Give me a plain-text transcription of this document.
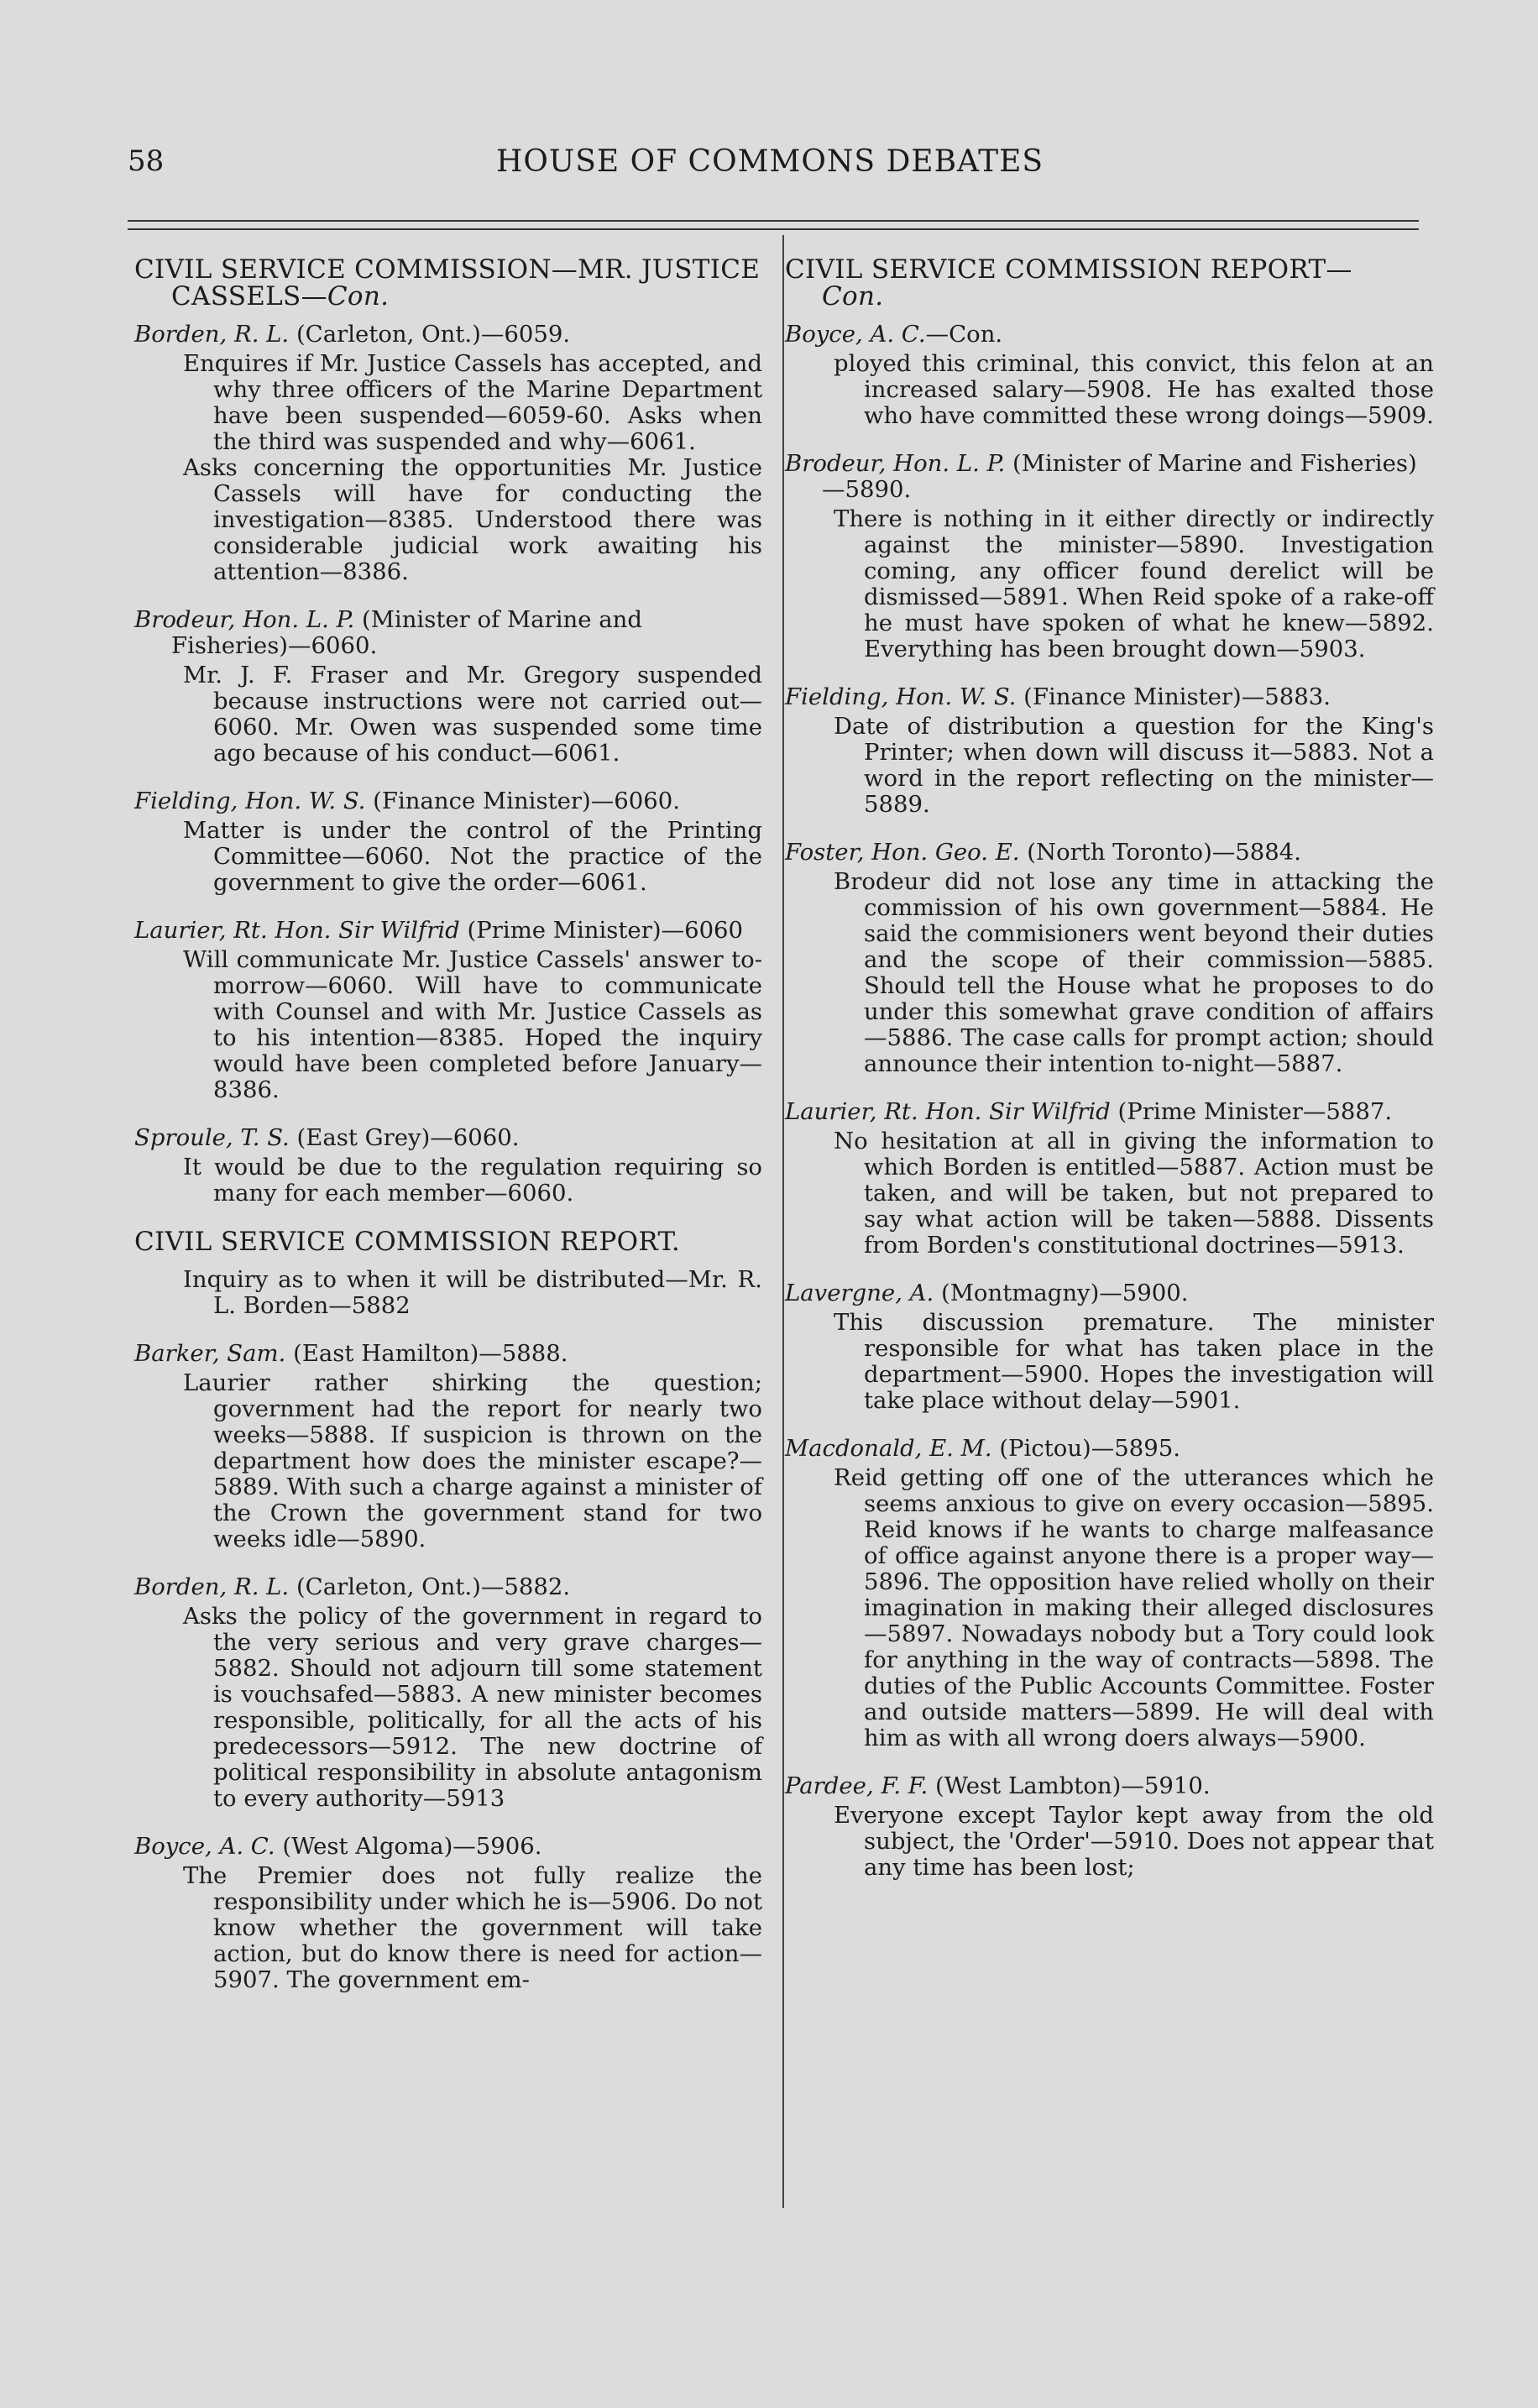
58	HOUSE OF COMMONS DEBATES
CIVIL SERVICE COMMISSION—MR. JUSTICE CASSELS—Con.

Borden, R. L. (Carleton, Ont.)—6059.

Enquires if Mr. Justice Cassels has accepted, and why three officers of the Marine Department have been suspended—6059-60. Asks when the third was suspended and why—6061.

Asks concerning the opportunities Mr. Justice Cassels will have for conducting the investigation—8385. Understood there was considerable judicial work awaiting his attention—8386.

Brodeur, Hon. L. P. (Minister of Marine and Fisheries)—6060.

Mr. J. F. Fraser and Mr. Gregory suspended because instructions were not carried out—6060. Mr. Owen was suspended some time ago because of his conduct—6061.

Fielding, Hon. W. S. (Finance Minister)—6060.

Matter is under the control of the Printing Committee—6060. Not the practice of the government to give the order—6061.

Laurier, Rt. Hon. Sir Wilfrid (Prime Minister)—6060

Will communicate Mr. Justice Cassels' answer to-morrow—6060. Will have to communicate with Counsel and with Mr. Justice Cassels as to his intention—8385. Hoped the inquiry would have been completed before January—8386.

Sproule, T. S. (East Grey)—6060.

It would be due to the regulation requiring so many for each member—6060.

CIVIL SERVICE COMMISSION REPORT.

Inquiry as to when it will be distributed—Mr. R. L. Borden—5882

Barker, Sam. (East Hamilton)—5888.

Laurier rather shirking the question; government had the report for nearly two weeks—5888. If suspicion is thrown on the department how does the minister escape?—5889. With such a charge against a minister of the Crown the government stand for two weeks idle—5890.

Borden, R. L. (Carleton, Ont.)—5882.

Asks the policy of the government in regard to the very serious and very grave charges—5882. Should not adjourn till some statement is vouchsafed—5883. A new minister becomes responsible, politically, for all the acts of his predecessors—5912. The new doctrine of political responsibility in absolute antagonism to every authority—5913

Boyce, A. C. (West Algoma)—5906.

The Premier does not fully realize the responsibility under which he is—5906. Do not know whether the government will take action, but do know there is need for action—5907. The government em-

CIVIL SERVICE COMMISSION REPORT—
Con.

Boyce, A. C.—Con.

ployed this criminal, this convict, this felon at an increased salary—5908. He has exalted those who have committed these wrong doings—5909.

Brodeur, Hon. L. P. (Minister of Marine and Fisheries)—5890.

There is nothing in it either directly or indirectly against the minister—5890. Investigation coming, any officer found derelict will be dismissed—5891. When Reid spoke of a rake-off he must have spoken of what he knew—5892. Everything has been brought down—5903.

Fielding, Hon. W. S. (Finance Minister)—5883.

Date of distribution a question for the King's Printer; when down will discuss it—5883. Not a word in the report reflecting on the minister—5889.

Foster, Hon. Geo. E. (North Toronto)—5884.

Brodeur did not lose any time in attacking the commission of his own government—5884. He said the commisioners went beyond their duties and the scope of their commission—5885. Should tell the House what he proposes to do under this somewhat grave condition of affairs—5886. The case calls for prompt action; should announce their intention to-night—5887.

Laurier, Rt. Hon. Sir Wilfrid (Prime Minister—5887.

No hesitation at all in giving the information to which Borden is entitled—5887. Action must be taken, and will be taken, but not prepared to say what action will be taken—5888. Dissents from Borden's constitutional doctrines—5913.

Lavergne, A. (Montmagny)—5900.

This discussion premature. The minister responsible for what has taken place in the department—5900. Hopes the investigation will take place without delay—5901.

Macdonald, E. M. (Pictou)—5895.

Reid getting off one of the utterances which he seems anxious to give on every occasion—5895. Reid knows if he wants to charge malfeasance of office against anyone there is a proper way—5896. The opposition have relied wholly on their imagination in making their alleged disclosures—5897. Nowadays nobody but a Tory could look for anything in the way of contracts—5898. The duties of the Public Accounts Committee. Foster and outside matters—5899. He will deal with him as with all wrong doers always—5900.

Pardee, F. F. (West Lambton)—5910.

Everyone except Taylor kept away from the old subject, the 'Order'—5910. Does not appear that any time has been lost;
